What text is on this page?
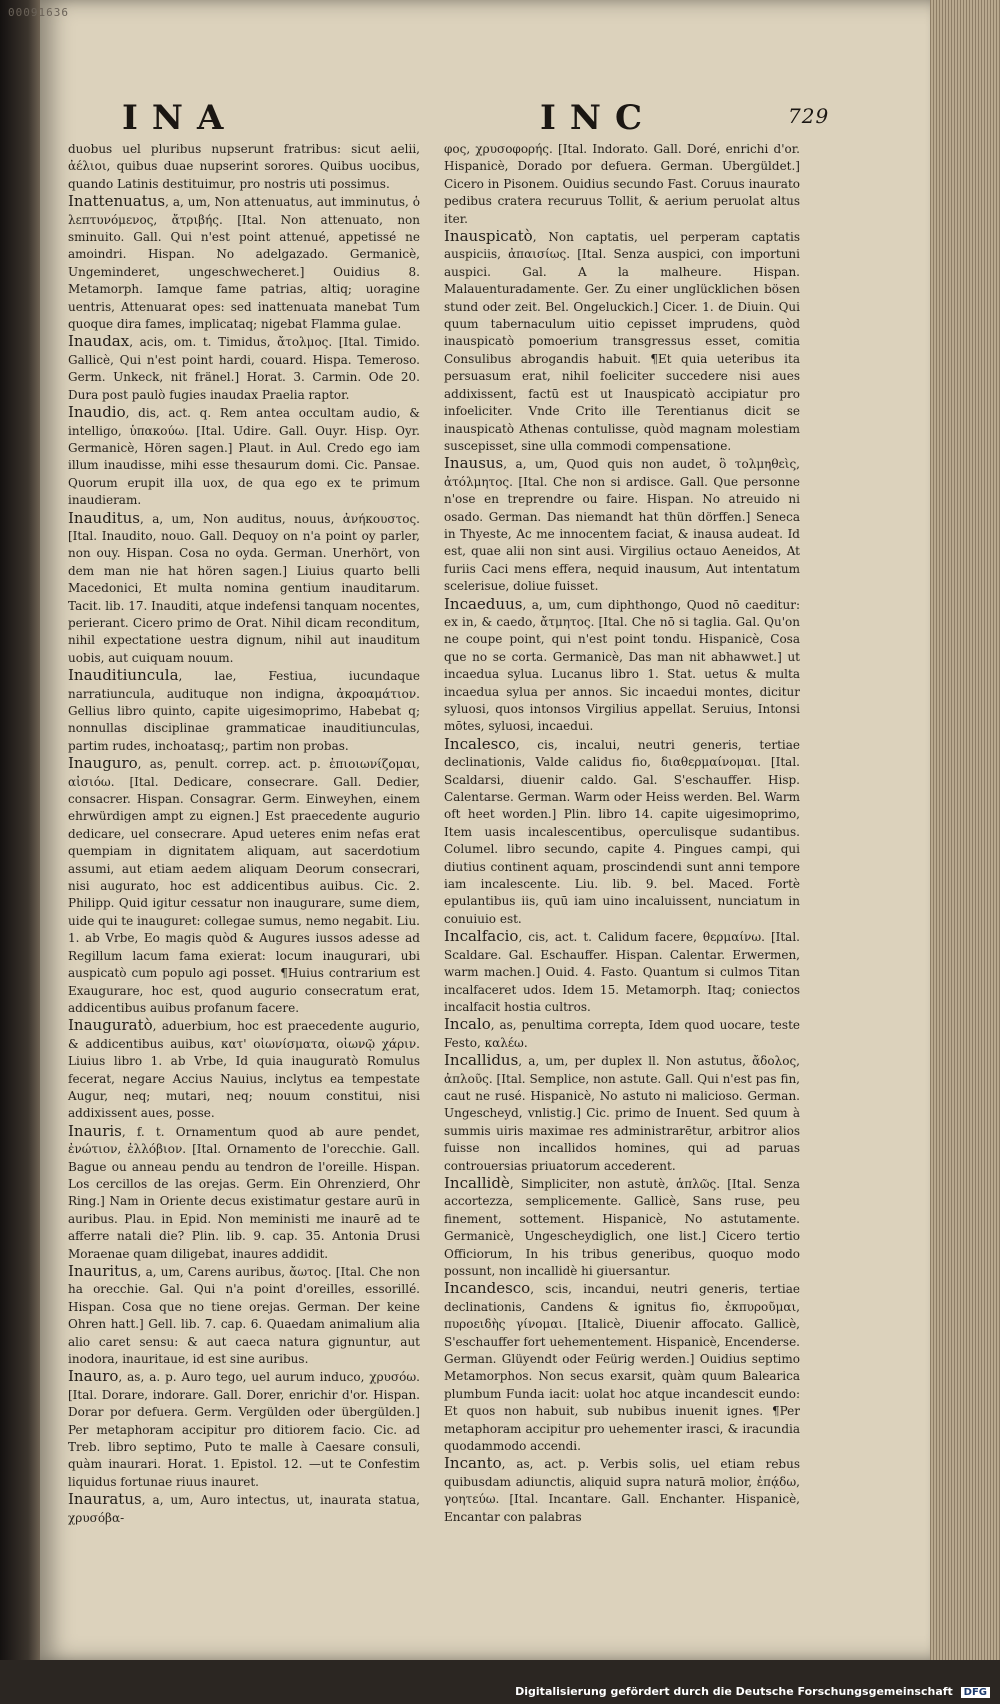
00091636
INA	INC	729

duobus uel pluribus nupserunt fratribus: sicut aelii, ἀέλιοι, quibus duae nupserint sorores. Quibus uocibus, quando Latinis destituimur, pro nostris uti possimus.

Inattenuatus, a, um, Non attenuatus, aut imminutus, ὁ λεπτυνόμενος, ἄτριβής. [Ital. Non attenuato, non sminuito. Gall. Qui n'est point attenué, appetissé ne amoindri. Hispan. No adelgazado. Germanicè, Ungeminderet, ungeschwecheret.] Ouidius 8. Metamorph. Iamque fame patrias, altiq; uoragine uentris, Attenuarat opes: sed inattenuata manebat Tum quoque dira fames, implicataq; nigebat Flamma gulae.

Inaudax, acis, om. t. Timidus, ἄτολμος. [Ital. Timido. Gallicè, Qui n'est point hardi, couard. Hispa. Temeroso. Germ. Unkeck, nit fränel.] Horat. 3. Carmin. Ode 20. Dura post paulò fugies inaudax Praelia raptor.

Inaudio, dis, act. q. Rem antea occultam audio, & intelligo, ὑπακούω. [Ital. Udire. Gall. Ouyr. Hisp. Oyr. Germanicè, Hören sagen.] Plaut. in Aul. Credo ego iam illum inaudisse, mihi esse thesaurum domi. Cic. Pansae. Quorum erupit illa uox, de qua ego ex te primum inaudieram.

Inauditus, a, um, Non auditus, nouus, ἀνήκουστος. [Ital. Inaudito, nouo. Gall. Dequoy on n'a point oy parler, non ouy. Hispan. Cosa no oyda. German. Unerhört, von dem man nie hat hören sagen.] Liuius quarto belli Macedonici, Et multa nomina gentium inauditarum. Tacit. lib. 17. Inauditi, atque indefensi tanquam nocentes, perierant. Cicero primo de Orat. Nihil dicam reconditum, nihil expectatione uestra dignum, nihil aut inauditum uobis, aut cuiquam nouum.

Inauditiuncula, lae, Festiua, iucundaque narratiuncula, audituque non indigna, ἀκροαμάτιον. Gellius libro quinto, capite uigesimoprimo, Habebat q; nonnullas disciplinae grammaticae inauditiunculas, partim rudes, inchoatasq;, partim non probas.

Inauguro, as, penult. correp. act. p. ἐπιοιωνίζομαι, αἰσιόω. [Ital. Dedicare, consecrare. Gall. Dedier, consacrer. Hispan. Consagrar. Germ. Einweyhen, einem ehrwürdigen ampt zu eignen.] Est praecedente augurio dedicare, uel consecrare. Apud ueteres enim nefas erat quempiam in dignitatem aliquam, aut sacerdotium assumi, aut etiam aedem aliquam Deorum consecrari, nisi augurato, hoc est addicentibus auibus. Cic. 2. Philipp. Quid igitur cessatur non inaugurare, sume diem, uide qui te inauguret: collegae sumus, nemo negabit. Liu. 1. ab Vrbe, Eo magis quòd & Augures iussos adesse ad Regillum lacum fama exierat: locum inaugurari, ubi auspicatò cum populo agi posset. ¶Huius contrarium est Exaugurare, hoc est, quod augurio consecratum erat, addicentibus auibus profanum facere.

Inauguratò, aduerbium, hoc est praecedente augurio, & addicentibus auibus, κατ' οἰωνίσματα, οἰωνῷ χάριν. Liuius libro 1. ab Vrbe, Id quia inauguratò Romulus fecerat, negare Accius Nauius, inclytus ea tempestate Augur, neq; mutari, neq; nouum constitui, nisi addixissent aues, posse.

Inauris, f. t. Ornamentum quod ab aure pendet, ἐνώτιον, ἐλλόβιον. [Ital. Ornamento de l'orecchie. Gall. Bague ou anneau pendu au tendron de l'oreille. Hispan. Los cercillos de las orejas. Germ. Ein Ohrenzierd, Ohr Ring.] Nam in Oriente decus existimatur gestare aurū in auribus. Plau. in Epid. Non meministi me inaurē ad te afferre natali die? Plin. lib. 9. cap. 35. Antonia Drusi Moraenae quam diligebat, inaures addidit.

Inauritus, a, um, Carens auribus, ἄωτος. [Ital. Che non ha orecchie. Gal. Qui n'a point d'oreilles, essorillé. Hispan. Cosa que no tiene orejas. German. Der keine Ohren hatt.] Gell. lib. 7. cap. 6. Quaedam animalium alia alio caret sensu: & aut caeca natura gignuntur, aut inodora, inauritaue, id est sine auribus.

Inauro, as, a. p. Auro tego, uel aurum induco, χρυσόω. [Ital. Dorare, indorare. Gall. Dorer, enrichir d'or. Hispan. Dorar por defuera. Germ. Vergülden oder übergülden.] Per metaphoram accipitur pro ditiorem facio. Cic. ad Treb. libro septimo, Puto te malle à Caesare consuli, quàm inaurari. Horat. 1. Epistol. 12. —ut te Confestim liquidus fortunae riuus inauret.

Inauratus, a, um, Auro intectus, ut, inaurata statua, χρυσόβα-

φος, χρυσοφορής. [Ital. Indorato. Gall. Doré, enrichi d'or. Hispanicè, Dorado por defuera. German. Ubergüldet.] Cicero in Pisonem. Ouidius secundo Fast. Coruus inaurato pedibus cratera recuruus Tollit, & aerium peruolat altus iter.

Inauspicatò, Non captatis, uel perperam captatis auspiciis, ἀπαισίως. [Ital. Senza auspici, con importuni auspici. Gal. A la malheure. Hispan. Malauenturadamente. Ger. Zu einer unglücklichen bösen stund oder zeit. Bel. Ongeluckich.] Cicer. 1. de Diuin. Qui quum tabernaculum uitio cepisset imprudens, quòd inauspicatò pomoerium transgressus esset, comitia Consulibus abrogandis habuit. ¶Et quia ueteribus ita persuasum erat, nihil foeliciter succedere nisi aues addixissent, factū est ut Inauspicatò accipiatur pro infoeliciter. Vnde Crito ille Terentianus dicit se inauspicatò Athenas contulisse, quòd magnam molestiam suscepisset, sine ulla commodi compensatione.

Inausus, a, um, Quod quis non audet, ὃ τολμηθεὶς, ἀτόλμητος. [Ital. Che non si ardisce. Gall. Que personne n'ose en treprendre ou faire. Hispan. No atreuido ni osado. German. Das niemandt hat thün dörffen.] Seneca in Thyeste, Ac me innocentem faciat, & inausa audeat. Id est, quae alii non sint ausi. Virgilius octauo Aeneidos, At furiis Caci mens effera, nequid inausum, Aut intentatum scelerisue, doliue fuisset.

Incaeduus, a, um, cum diphthongo, Quod nō caeditur: ex in, & caedo, ἄτμητος. [Ital. Che nō si taglia. Gal. Qu'on ne coupe point, qui n'est point tondu. Hispanicè, Cosa que no se corta. Germanicè, Das man nit abhawwet.] ut incaedua sylua. Lucanus libro 1. Stat. uetus & multa incaedua sylua per annos. Sic incaedui montes, dicitur syluosi, quos intonsos Virgilius appellat. Seruius, Intonsi mōtes, syluosi, incaedui.

Incalesco, cis, incalui, neutri generis, tertiae declinationis, Valde calidus fio, διαθερμαίνομαι. [Ital. Scaldarsi, diuenir caldo. Gal. S'eschauffer. Hisp. Calentarse. German. Warm oder Heiss werden. Bel. Warm oft heet worden.] Plin. libro 14. capite uigesimoprimo, Item uasis incalescentibus, operculisque sudantibus. Columel. libro secundo, capite 4. Pingues campi, qui diutius continent aquam, proscindendi sunt anni tempore iam incalescente. Liu. lib. 9. bel. Maced. Fortè epulantibus iis, quū iam uino incaluissent, nunciatum in conuiuio est.

Incalfacio, cis, act. t. Calidum facere, θερμαίνω. [Ital. Scaldare. Gal. Eschauffer. Hispan. Calentar. Erwermen, warm machen.] Ouid. 4. Fasto. Quantum si culmos Titan incalfaceret udos. Idem 15. Metamorph. Itaq; coniectos incalfacit hostia cultros.

Incalo, as, penultima correpta, Idem quod uocare, teste Festo, καλέω.

Incallidus, a, um, per duplex ll. Non astutus, ἄδολος, ἀπλοῦς. [Ital. Semplice, non astute. Gall. Qui n'est pas fin, caut ne rusé. Hispanicè, No astuto ni malicioso. German. Ungescheyd, vnlistig.] Cic. primo de Inuent. Sed quum à summis uiris maximae res administrarētur, arbitror alios fuisse non incallidos homines, qui ad paruas controuersias priuatorum accederent.

Incallidè, Simpliciter, non astutè, ἁπλῶς. [Ital. Senza accortezza, semplicemente. Gallicè, Sans ruse, peu finement, sottement. Hispanicè, No astutamente. Germanicè, Ungescheydiglich, one list.] Cicero tertio Officiorum, In his tribus generibus, quoquo modo possunt, non incallidè hi giuersantur.

Incandesco, scis, incandui, neutri generis, tertiae declinationis, Candens & ignitus fio, ἐκπυροῦμαι, πυροειδὴς γίνομαι. [Italicè, Diuenir affocato. Gallicè, S'eschauffer fort uehementement. Hispanicè, Encenderse. German. Glüyendt oder Feürig werden.] Ouidius septimo Metamorphos. Non secus exarsit, quàm quum Balearica plumbum Funda iacit: uolat hoc atque incandescit eundo: Et quos non habuit, sub nubibus inuenit ignes. ¶Per metaphoram accipitur pro uehementer irasci, & iracundia quodammodo accendi.

Incanto, as, act. p. Verbis solis, uel etiam rebus quibusdam adiunctis, aliquid supra naturā molior, ἐπᾴδω, γοητεύω. [Ital. Incantare. Gall. Enchanter. Hispanicè, Encantar con palabras

Digitalisierung gefördert durch die Deutsche Forschungsgemeinschaft DFG
